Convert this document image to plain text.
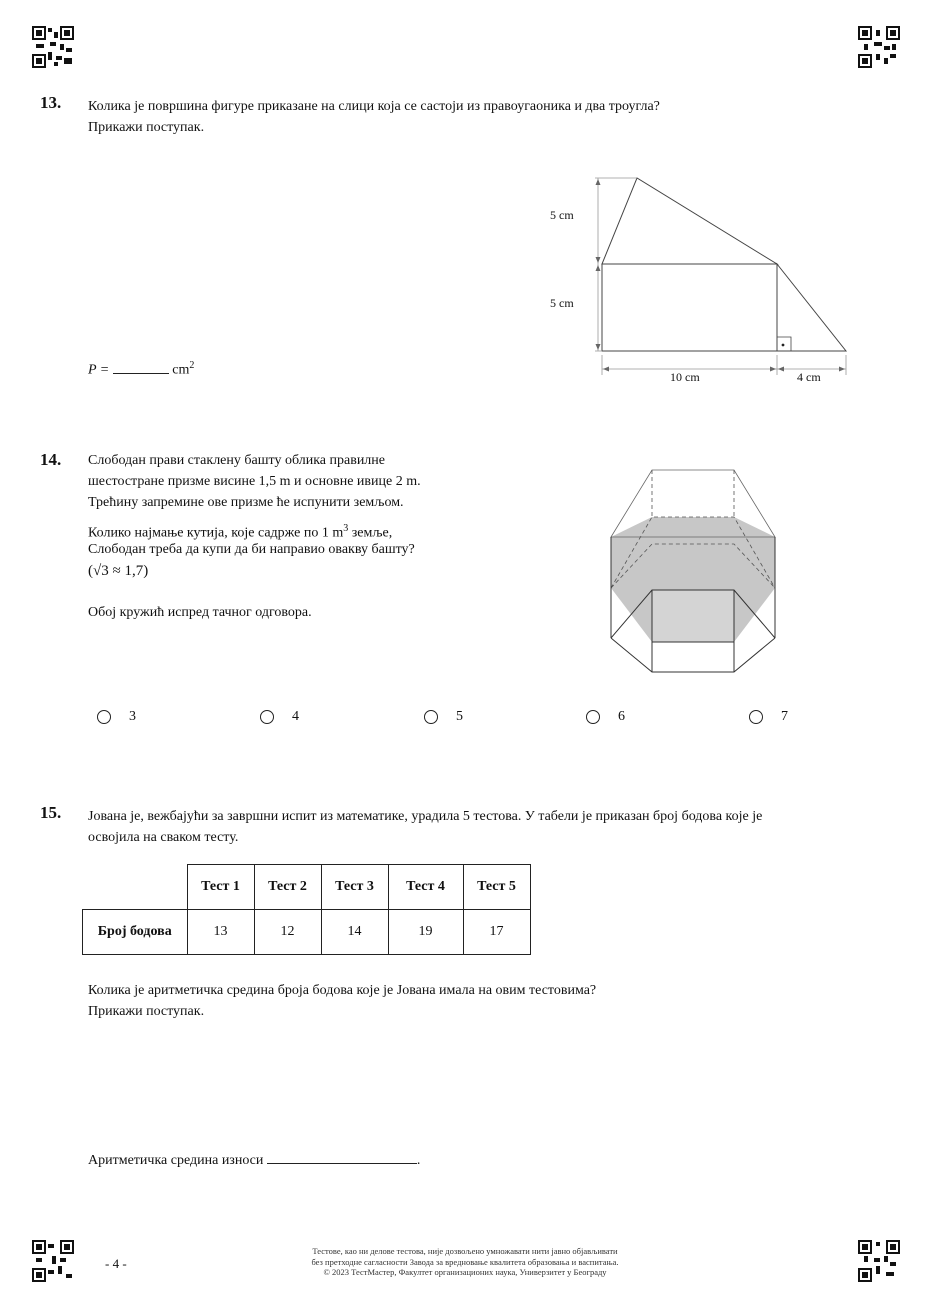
13. Колика је површина фигуре приказане на слици која се састоји из правоугаоника и два троугла?
Прикажи поступак.
5 cm
5 cm
10 cm	4 cm
P =	$cm^2$
14. Слободан прави стаклену башту облика правилне
шестостране призме висине 1,5 m и основне ивице 2 m.
Трећину запремине ове призме ће испунити земљом.
Колико најмање кутија, које садрже по 1 $m^3$ земље,
Слободан треба да купи да би направио овакву башту?
(√3 ≈ 1,7)
Обој кружић испред тачног одговора.
3	4	5	6	7
15. Јована је, вежбајући за завршни испит из математике, урадила 5 тестова. У табели је приказан број бодова које је
освојила на сваком тесту.
	Тест 1	Тест 2	Тест 3	Тест 4	Тест 5
Број бодова	13	12	14	19	17
Колика је аритметичка средина броја бодова које је Јована имала на овим тестовима?
Прикажи поступак.
Аритметичка средина износи	.
- 4 -
Тестове, као ни делове тестова, није дозвољено умножавати нити јавно објављивати
без претходне сагласности Завода за вредновање квалитета образовања и васпитања.
© 2023 ТестМастер, Факултет организационих наука, Универзитет у Београду
